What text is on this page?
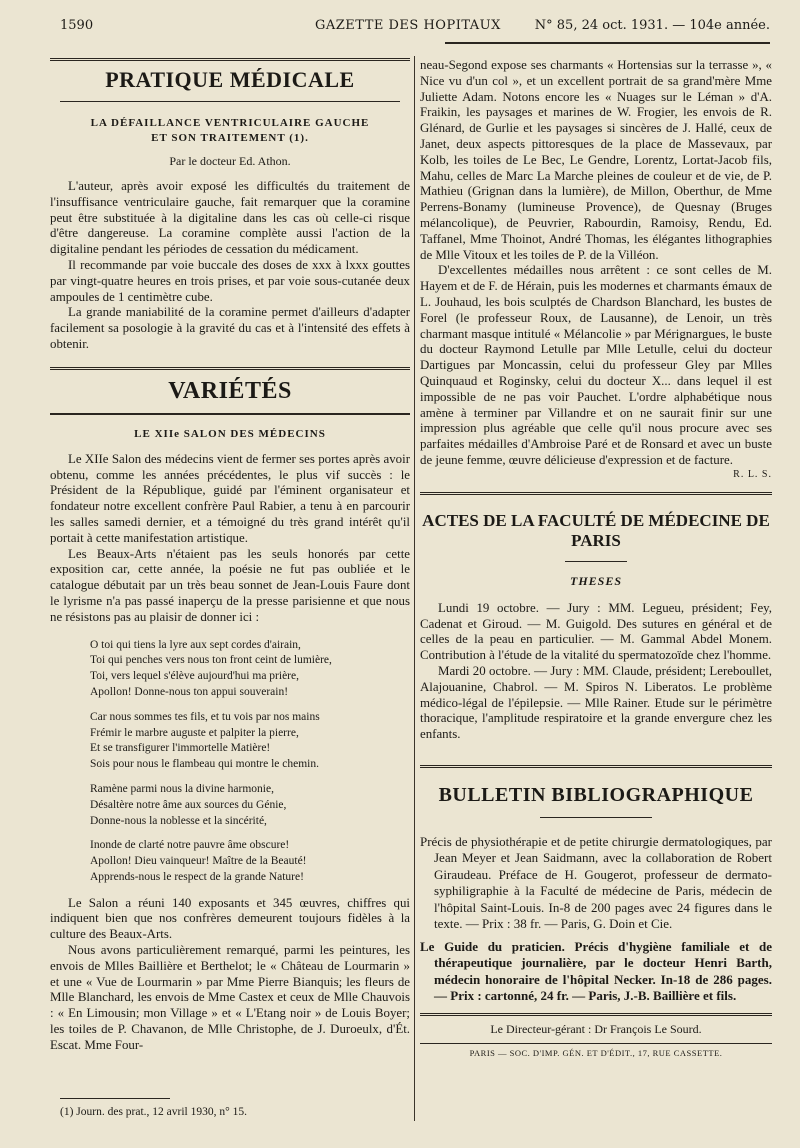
1590	GAZETTE DES HOPITAUX	N° 85, 24 oct. 1931. — 104e année.
PRATIQUE MÉDICALE

LA DÉFAILLANCE VENTRICULAIRE GAUCHE

ET SON TRAITEMENT (1).

Par le docteur Ed. Athon.

L'auteur, après avoir exposé les difficultés du traitement de l'insuffisance ventriculaire gauche, fait remarquer que la coramine peut être substituée à la digitaline dans les cas où celle-ci risque d'être dangereuse. La coramine complète aussi l'action de la digitaline pendant les périodes de cessation du médicament.

Il recommande par voie buccale des doses de xxx à lxxx gouttes par vingt-quatre heures en trois prises, et par voie sous-cutanée deux ampoules de 1 centimètre cube.

La grande maniabilité de la coramine permet d'ailleurs d'adapter facilement sa posologie à la gravité du cas et à l'intensité des effets à obtenir.

VARIÉTÉS

LE XIIe SALON DES MÉDECINS

Le XIIe Salon des médecins vient de fermer ses portes après avoir obtenu, comme les années précédentes, le plus vif succès : le Président de la République, guidé par l'éminent organisateur et fondateur notre excellent confrère Paul Rabier, a tenu à en parcourir les salles samedi dernier, et a témoigné du très grand intérêt qu'il portait à cette manifestation artistique.

Les Beaux-Arts n'étaient pas les seuls honorés par cette exposition car, cette année, la poésie ne fut pas oubliée et le catalogue débutait par un très beau sonnet de Jean-Louis Faure dont le lyrisme n'a pas passé inaperçu de la presse parisienne et que nous ne résistons pas au plaisir de donner ici :

O toi qui tiens la lyre aux sept cordes d'airain,
Toi qui penches vers nous ton front ceint de lumière,
Toi, vers lequel s'élève aujourd'hui ma prière,
Apollon! Donne-nous ton appui souverain!
Car nous sommes tes fils, et tu vois par nos mains
Frémir le marbre auguste et palpiter la pierre,
Et se transfigurer l'immortelle Matière!
Sois pour nous le flambeau qui montre le chemin.
Ramène parmi nous la divine harmonie,
Désaltère notre âme aux sources du Génie,
Donne-nous la noblesse et la sincérité,
Inonde de clarté notre pauvre âme obscure!
Apollon! Dieu vainqueur! Maître de la Beauté!
Apprends-nous le respect de la grande Nature!

Le Salon a réuni 140 exposants et 345 œuvres, chiffres qui indiquent bien que nos confrères demeurent toujours fidèles à la culture des Beaux-Arts.

Nous avons particulièrement remarqué, parmi les peintures, les envois de Mlles Baillière et Berthelot; le « Château de Lourmarin » et une « Vue de Lourmarin » par Mme Pierre Bianquis; les fleurs de Mlle Blanchard, les envois de Mme Castex et ceux de Mlle Chauvois : « En Limousin; mon Village » et « L'Etang noir » de Louis Boyer; les toiles de P. Chavanon, de Mlle Christophe, de J. Duroeulx, d'Ét. Escat. Mme Four-

(1) Journ. des prat., 12 avril 1930, n° 15.

neau-Segond expose ses charmants « Hortensias sur la terrasse », « Nice vu d'un col », et un excellent portrait de sa grand'mère Mme Juliette Adam. Notons encore les « Nuages sur le Léman » d'A. Fraikin, les paysages et marines de W. Frogier, les envois de R. Glénard, de Gurlie et les paysages si sincères de J. Hallé, ceux de Janet, deux aspects pittoresques de la place de Massevaux, par Kolb, les toiles de Le Bec, Le Gendre, Lorentz, Lortat-Jacob fils, Mahu, celles de Marc La Marche pleines de couleur et de vie, de P. Mathieu (Grignan dans la lumière), de Millon, Oberthur, de Mme Perrens-Bonamy (lumineuse Provence), de Quesnay (Bruges mélancolique), de Peuvrier, Rabourdin, Ramoisy, Rendu, Ed. Taffanel, Mme Thoinot, André Thomas, les élégantes lithographies de Mlle Vitoux et les toiles de P. de la Villéon.

D'excellentes médailles nous arrêtent : ce sont celles de M. Hayem et de F. de Hérain, puis les modernes et charmants émaux de L. Jouhaud, les bois sculptés de Chardson Blanchard, les bustes de Forel (le professeur Roux, de Lausanne), de Lenoir, un très charmant masque intitulé « Mélancolie » par Mérignargues, le buste du docteur Raymond Letulle par Mlle Letulle, celui du docteur Dartigues par Moncassin, celui du professeur Gley par Mlles Quinquaud et Roginsky, celui du docteur X... dans lequel il est impossible de ne pas voir Pauchet. L'ordre alphabétique nous amène à terminer par Villandre et on ne saurait finir sur une impression plus agréable que celle qu'il nous procure avec ses parfaites médailles d'Ambroise Paré et de Ronsard et avec un buste de jeune femme, œuvre délicieuse d'expression et de facture.

R. L. S.
ACTES DE LA FACULTÉ DE MÉDECINE DE PARIS

THESES

Lundi 19 octobre. — Jury : MM. Legueu, président; Fey, Cadenat et Giroud. — M. Guigold. Des sutures en général et de celles de la peau en particulier. — M. Gammal Abdel Monem. Contribution à l'étude de la vitalité du spermatozoïde chez l'homme.

Mardi 20 octobre. — Jury : MM. Claude, président; Lereboullet, Alajouanine, Chabrol. — M. Spiros N. Liberatos. Le problème médico-légal de l'épilepsie. — Mlle Rainer. Etude sur le périmètre thoracique, l'amplitude respiratoire et la grande envergure chez les enfants.

BULLETIN BIBLIOGRAPHIQUE

Précis de physiothérapie et de petite chirurgie dermatologiques, par Jean Meyer et Jean Saidmann, avec la collaboration de Robert Giraudeau. Préface de H. Gougerot, professeur de dermato-syphiligraphie à la Faculté de médecine de Paris, médecin de l'hôpital Saint-Louis. In-8 de 200 pages avec 24 figures dans le texte. — Prix : 38 fr. — Paris, G. Doin et Cie.

Le Guide du praticien. Précis d'hygiène familiale et de thérapeutique journalière, par le docteur Henri Barth, médecin honoraire de l'hôpital Necker. In-18 de 286 pages. — Prix : cartonné, 24 fr. — Paris, J.-B. Baillière et fils.

Le Directeur-gérant : Dr François Le Sourd.
PARIS — SOC. D'IMP. GÉN. ET D'ÉDIT., 17, RUE CASSETTE.
